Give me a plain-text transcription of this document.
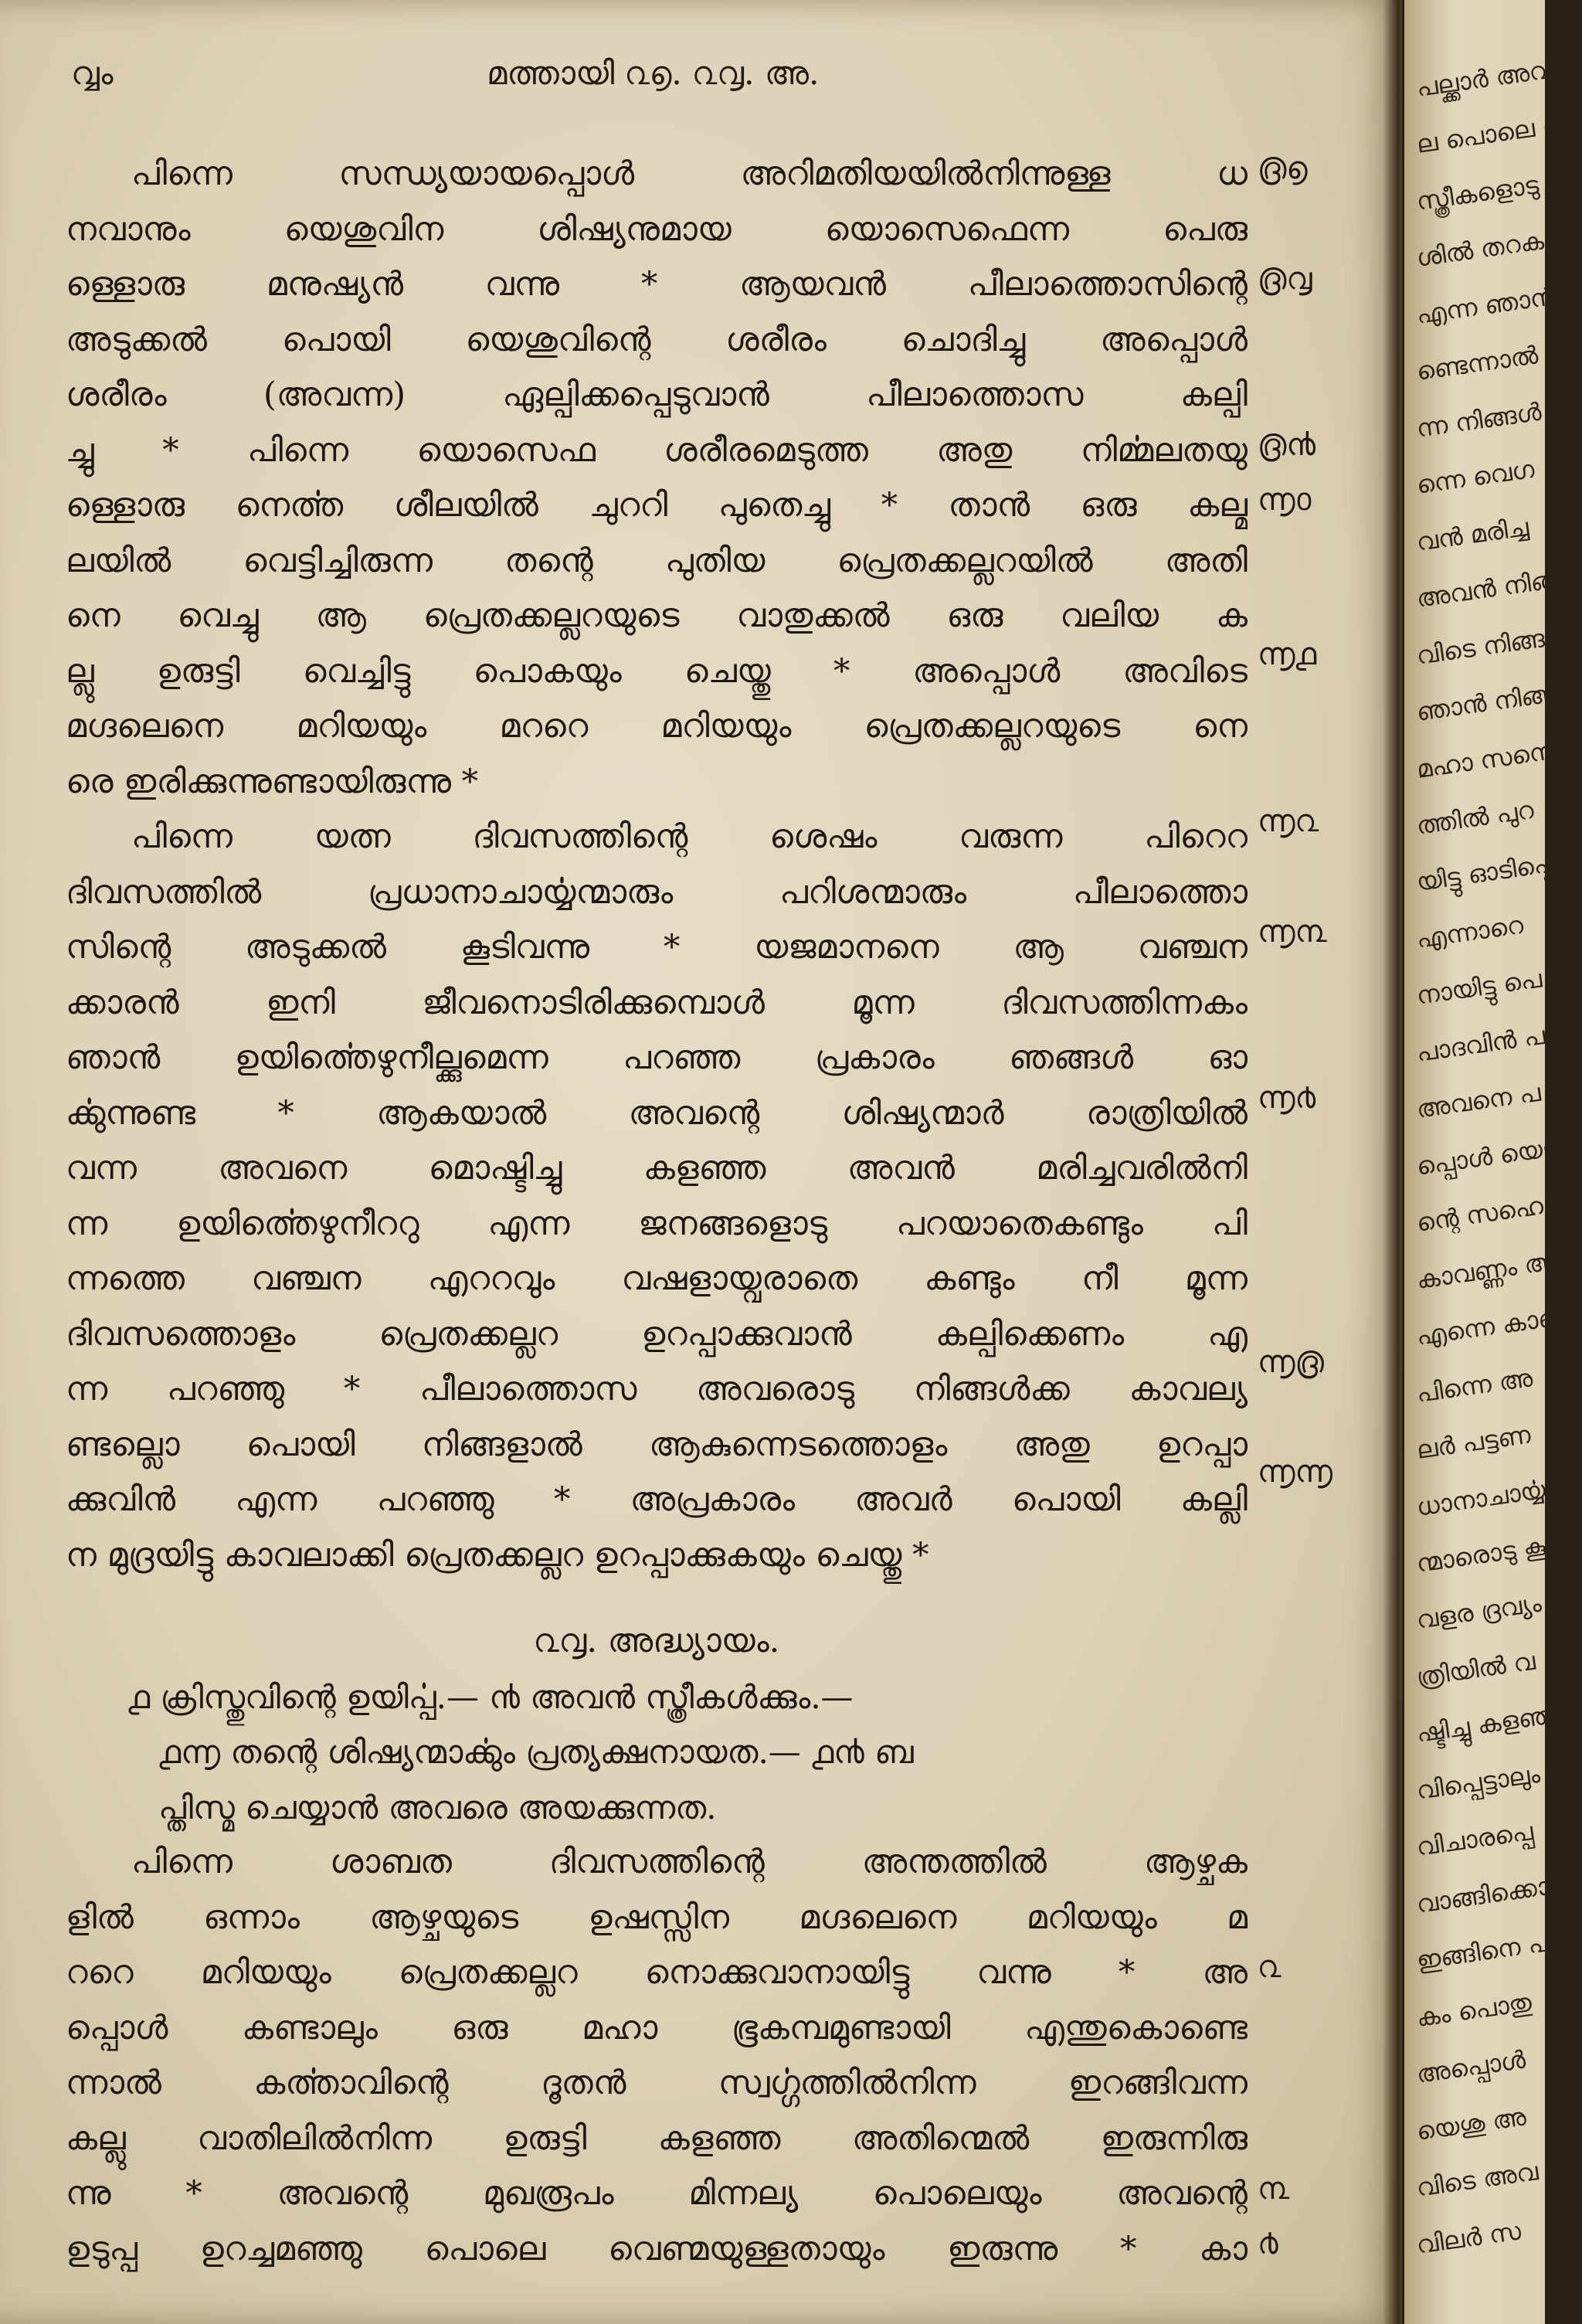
വ്വം	മത്തായി ൨൭. ൨൮. അ.
പിന്നെ സന്ധ്യയായപ്പൊൾ അറിമതിയയിൽനിന്നുള്ള ധ
നവാനും യെശുവിന ശിഷ്യനുമായ യൊസെഫെന്ന പെരു
ള്ളൊരു മനുഷ്യൻ വന്നു * ആയവൻ പീലാത്തൊസിന്റെ
അടുക്കൽ പൊയി യെശുവിന്റെ ശരീരം ചൊദിച്ചു അപ്പൊൾ
ശരീരം (അവന്ന) ഏല്പിക്കപ്പെടുവാൻ പീലാത്തൊസ കല്പി
ച്ചു * പിന്നെ യൊസെഫ ശരീരമെടുത്ത അതു നിൎമ്മലതയു
ള്ളൊരു നെൎത്ത ശീലയിൽ ചുററി പുതെച്ചു * താൻ ഒരു കല്മ
ലയിൽ വെട്ടിച്ചിരുന്ന തന്റെ പുതിയ പ്രെതക്കല്ലറയിൽ അതി
നെ വെച്ചു ആ പ്രെതക്കല്ലറയുടെ വാതുക്കൽ ഒരു വലിയ ക
ല്ലു ഉരുട്ടി വെച്ചിട്ടു പൊകയും ചെയ്തു * അപ്പൊൾ അവിടെ
മഗ്ദലെനെ മറിയയും മററെ മറിയയും പ്രെതക്കല്ലറയുടെ നെ
രെ ഇരിക്കുന്നുണ്ടായിരുന്നു *
പിന്നെ യത്ന ദിവസത്തിന്റെ ശെഷം വരുന്ന പിറെറ
ദിവസത്തിൽ പ്രധാനാചാൎയ്യന്മാരും പറിശന്മാരും പീലാത്തൊ
സിന്റെ അടുക്കൽ കൂടിവന്നു * യജമാനനെ ആ വഞ്ചന
ക്കാരൻ ഇനി ജീവനൊടിരിക്കുമ്പൊൾ മൂന്ന ദിവസത്തിന്നകം
ഞാൻ ഉയിൎത്തെഴുനീല്ക്കുമെന്ന പറഞ്ഞ പ്രകാരം ഞങ്ങൾ ഓ
ൎക്കുന്നുണ്ട * ആകയാൽ അവന്റെ ശിഷ്യന്മാർ രാത്രിയിൽ
വന്ന അവനെ മൊഷ്ടിച്ചു കളഞ്ഞ അവൻ മരിച്ചവരിൽനി
ന്ന ഉയിൎത്തെഴുനീററു എന്ന ജനങ്ങളൊടു പറയാതെകണ്ടും പി
ന്നത്തെ വഞ്ചന എററവും വഷളായ്വരാതെ കണ്ടും നീ മൂന്ന
ദിവസത്തൊളം പ്രെതക്കല്ലറ ഉറപ്പാക്കുവാൻ കല്പിക്കെണം എ
ന്ന പറഞ്ഞു * പീലാത്തൊസ അവരൊടു നിങ്ങൾക്ക കാവല്യ
ണ്ടല്ലൊ പൊയി നിങ്ങളാൽ ആകുന്നെടത്തൊളം അതു ഉറപ്പാ
ക്കുവിൻ എന്ന പറഞ്ഞു * അപ്രകാരം അവർ പൊയി കല്ലി
ന മുദ്രയിട്ടു കാവലാക്കി പ്രെതക്കല്ലറ ഉറപ്പാക്കുകയും ചെയ്തു *
൨൮. അദ്ധ്യായം.
൧ ക്രിസ്തുവിന്റെ ഉയിൎപ്പ.— ൯ അവൻ സ്ത്രീകൾക്കും.—
൧൬ തന്റെ ശിഷ്യന്മാൎക്കും പ്രത്യക്ഷനായത.— ൧൯ ബ
പ്തിസ്മ ചെയ്യാൻ അവരെ അയക്കുന്നത.
പിന്നെ ശാബത ദിവസത്തിന്റെ അന്തത്തിൽ ആഴ്ചക
ളിൽ ഒന്നാം ആഴ്ചയുടെ ഉഷസ്സിന മഗ്ദലെനെ മറിയയും മ
ററെ മറിയയും പ്രെതക്കല്ലറ നൊക്കുവാനായിട്ടു വന്നു * അ
പ്പൊൾ കണ്ടാലും ഒരു മഹാ ഭൂകമ്പമുണ്ടായി എന്തുകൊണ്ടെ
ന്നാൽ കൎത്താവിന്റെ ദൂതൻ സ്വൎഗ്ഗത്തിൽനിന്ന ഇറങ്ങിവന്ന
കല്ലു വാതിലിൽനിന്ന ഉരുട്ടി കളഞ്ഞ അതിന്മെൽ ഇരുന്നിരു
ന്നു * അവന്റെ മുഖരൂപം മിന്നല്യ പൊലെയും അവന്റെ
ഉടുപ്പ ഉറച്ചമഞ്ഞു പൊലെ വെണ്മയുള്ളതായും ഇരുന്നു * കാ
൫൭
൫൮
൫൯
൬൦
൬൧
൬൨
൬൩
൬൪
൬൫
൬൬
൨
൩
൪
പല്ക്കാർ അവ
ല പൊലെ ആ
സ്ത്രീകളൊടു
ശിൽ തറക
എന്ന ഞാൻ
ണ്ടെന്നാൽ ര
ന്ന നിങ്ങൾ
ന്നെ വെഗ
വൻ മരിച്ച
അവൻ നിങ്ങ
വിടെ നിങ്ങ
ഞാൻ നിങ്ങ
മഹാ സന്തൊ
ത്തിൽ പുറ
യിട്ടു ഓടിപ്പൊ
എന്നാറെ
നായിട്ടു പെ
പാദവിൻ പ
അവനെ പ
പ്പൊൾ യെശു
ന്റെ സഹൊ
കാവണ്ണം അ
എന്നെ കാണ
പിന്നെ അ
ലർ പട്ടണ
ധാനാചാൎയ്യ
ന്മാരൊടു കൂട
വളര ദ്രവ്യം
ത്രിയിൽ വ
ഷ്ടിച്ചു കളഞ്ഞ
വിപ്പെട്ടാലും
വിചാരപ്പെ
വാങ്ങിക്കൊ
ഇങ്ങിനെ പ
കം പൊതു
അപ്പൊൾ
യെശു അ
വിടെ അവ
വിലർ സ
